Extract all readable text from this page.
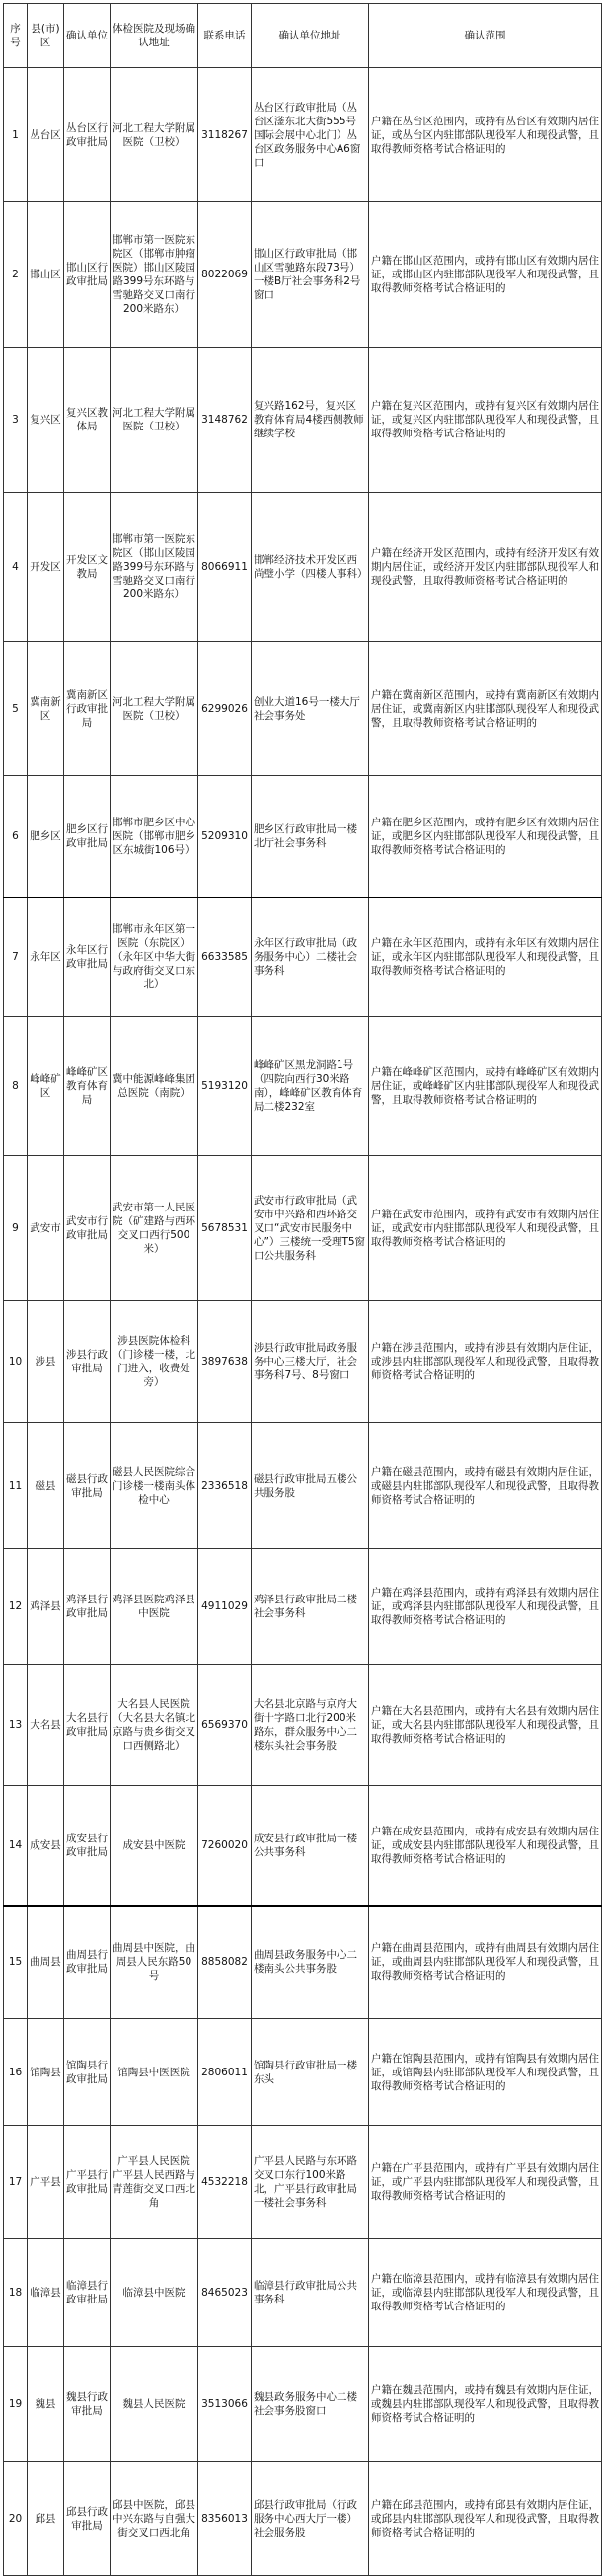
序号	县(市)区	确认单位	体检医院及现场确认地址	联系电话	确认单位地址	确认范围
1	丛台区	丛台区行政审批局	河北工程大学附属医院（卫校）	3118267	丛台区行政审批局（丛台区滏东北大街555号国际会展中心北门）丛台区政务服务中心A6窗口	户籍在丛台区范围内，或持有丛台区有效期内居住证，或丛台区内驻邯部队现役军人和现役武警，且取得教师资格考试合格证明的
2	邯山区	邯山区行政审批局	邯郸市第一医院东院区（邯郸市肿瘤医院）邯山区陵园路399号东环路与雪驰路交叉口南行200米路东）	8022069	邯山区行政审批局（邯山区雪驰路东段73号）一楼B厅社会事务科2号窗口	户籍在邯山区范围内，或持有邯山区有效期内居住证，或邯山区内驻邯部队现役军人和现役武警，且取得教师资格考试合格证明的
3	复兴区	复兴区教体局	河北工程大学附属医院（卫校）	3148762	复兴路162号，复兴区教育体育局4楼西侧教师继续学校	户籍在复兴区范围内，或持有复兴区有效期内居住证，或复兴区内驻邯部队现役军人和现役武警，且取得教师资格考试合格证明的
4	开发区	开发区文教局	邯郸市第一医院东院区（邯山区陵园路399号东环路与雪驰路交叉口南行200米路东）	8066911	邯郸经济技术开发区西尚璧小学（四楼人事科）	户籍在经济开发区范围内，或持有经济开发区有效期内居住证，或经济开发区内驻邯部队现役军人和现役武警，且取得教师资格考试合格证明的
5	冀南新区	冀南新区行政审批局	河北工程大学附属医院（卫校）	6299026	创业大道16号一楼大厅社会事务处	户籍在冀南新区范围内，或持有冀南新区有效期内居住证，或冀南新区内驻邯部队现役军人和现役武警，且取得教师资格考试合格证明的
6	肥乡区	肥乡区行政审批局	邯郸市肥乡区中心医院（邯郸市肥乡区东城街106号）	5209310	肥乡区行政审批局一楼北厅社会事务科	户籍在肥乡区范围内，或持有肥乡区有效期内居住证，或肥乡区内驻邯部队现役军人和现役武警，且取得教师资格考试合格证明的
7	永年区	永年区行政审批局	邯郸市永年区第一医院（东院区）（永年区中华大街与政府街交叉口东北）	6633585	永年区行政审批局（政务服务中心）二楼社会事务科	户籍在永年区范围内，或持有永年区有效期内居住证，或永年区内驻邯部队现役军人和现役武警，且取得教师资格考试合格证明的
8	峰峰矿区	峰峰矿区教育体育局	冀中能源峰峰集团总医院（南院）	5193120	峰峰矿区黑龙洞路1号（四院向西行30米路南），峰峰矿区教育体育局二楼232室	户籍在峰峰矿区范围内，或持有峰峰矿区有效期内居住证，或峰峰矿区内驻邯部队现役军人和现役武警，且取得教师资格考试合格证明的
9	武安市	武安市行政审批局	武安市第一人民医院（矿建路与西环交叉口西行500米）	5678531	武安市行政审批局（武安市中兴路和西环路交叉口“武安市民服务中心”）三楼统一受理T5窗口公共服务科	户籍在武安市范围内，或持有武安市有效期内居住证，或武安市内驻邯部队现役军人和现役武警，且取得教师资格考试合格证明的
10	涉县	涉县行政审批局	涉县医院体检科（门诊楼一楼，北门进入，收费处旁）	3897638	涉县行政审批局政务服务中心三楼大厅，社会事务科7号、8号窗口	户籍在涉县范围内，或持有涉县有效期内居住证，或涉县内驻邯部队现役军人和现役武警，且取得教师资格考试合格证明的
11	磁县	磁县行政审批局	磁县人民医院综合门诊楼一楼南头体检中心	2336518	磁县行政审批局五楼公共服务股	户籍在磁县范围内，或持有磁县有效期内居住证，或磁县内驻邯部队现役军人和现役武警，且取得教师资格考试合格证明的
12	鸡泽县	鸡泽县行政审批局	鸡泽县医院鸡泽县中医院	4911029	鸡泽县行政审批局二楼社会事务科	户籍在鸡泽县范围内，或持有鸡泽县有效期内居住证，或鸡泽县内驻邯部队现役军人和现役武警，且取得教师资格考试合格证明的
13	大名县	大名县行政审批局	大名县人民医院（大名县大名镇北京路与贵乡街交叉口西侧路北）	6569370	大名县北京路与京府大街十字路口北行200米路东，群众服务中心二楼东头社会事务股	户籍在大名县范围内，或持有大名县有效期内居住证，或大名县内驻邯部队现役军人和现役武警，且取得教师资格考试合格证明的
14	成安县	成安县行政审批局	成安县中医院	7260020	成安县行政审批局一楼公共事务科	户籍在成安县范围内，或持有成安县有效期内居住证，或成安县内驻邯部队现役军人和现役武警，且取得教师资格考试合格证明的
15	曲周县	曲周县行政审批局	曲周县中医院，曲周县人民东路50号	8858082	曲周县政务服务中心二楼南头公共事务股	户籍在曲周县范围内，或持有曲周县有效期内居住证，或曲周县内驻邯部队现役军人和现役武警，且取得教师资格考试合格证明的
16	馆陶县	馆陶县行政审批局	馆陶县中医医院	2806011	馆陶县行政审批局一楼东头	户籍在馆陶县范围内，或持有馆陶县有效期内居住证，或馆陶县内驻邯部队现役军人和现役武警，且取得教师资格考试合格证明的
17	广平县	广平县行政审批局	广平县人民医院 广平县人民西路与青莲街交叉口西北角	4532218	广平县人民路与东环路交叉口东行100米路北，广平县行政审批局一楼社会事务科	户籍在广平县范围内，或持有广平县有效期内居住证，或广平县内驻邯部队现役军人和现役武警，且取得教师资格考试合格证明的
18	临漳县	临漳县行政审批局	临漳县中医院	8465023	临漳县行政审批局公共事务科	户籍在临漳县范围内，或持有临漳县有效期内居住证，或临漳县内驻邯部队现役军人和现役武警，且取得教师资格考试合格证明的
19	魏县	魏县行政审批局	魏县人民医院	3513066	魏县政务服务中心二楼社会事务股窗口	户籍在魏县范围内，或持有魏县有效期内居住证，或魏县内驻邯部队现役军人和现役武警，且取得教师资格考试合格证明的
20	邱县	邱县行政审批局	邱县中医院，邱县中兴东路与自强大街交叉口西北角	8356013	邱县行政审批局（行政服务中心西大厅一楼）社会服务股	户籍在邱县范围内，或持有邱县有效期内居住证，或邱县内驻邯部队现役军人和现役武警，且取得教师资格考试合格证明的
